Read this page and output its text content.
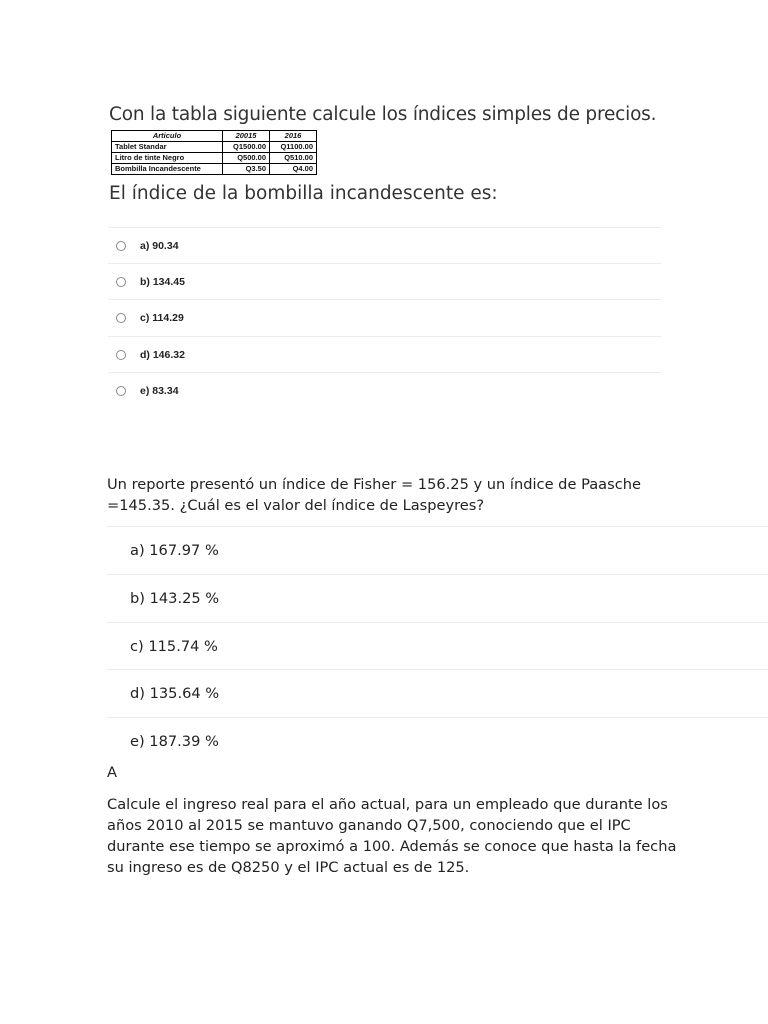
Con la tabla siguiente calcule los índices simples de precios.
Articulo	20015	2016
Tablet Standar	Q1500.00	Q1100.00
Litro de tinte Negro	Q500.00	Q510.00
Bombilla Incandescente	Q3.50	Q4.00
El índice de la bombilla incandescente es:
a) 90.34
b) 134.45
c) 114.29
d) 146.32
e) 83.34
Un reporte presentó un índice de Fisher = 156.25 y un índice de Paasche =145.35. ¿Cuál es el valor del índice de Laspeyres?
a) 167.97 %
b) 143.25 %
c) 115.74 %
d) 135.64 %
e) 187.39 %
A
Calcule el ingreso real para el año actual, para un empleado que durante los años 2010 al 2015 se mantuvo ganando Q7,500, conociendo que el IPC durante ese tiempo se aproximó a 100. Además se conoce que hasta la fecha su ingreso es de Q8250 y el IPC actual es de 125.
